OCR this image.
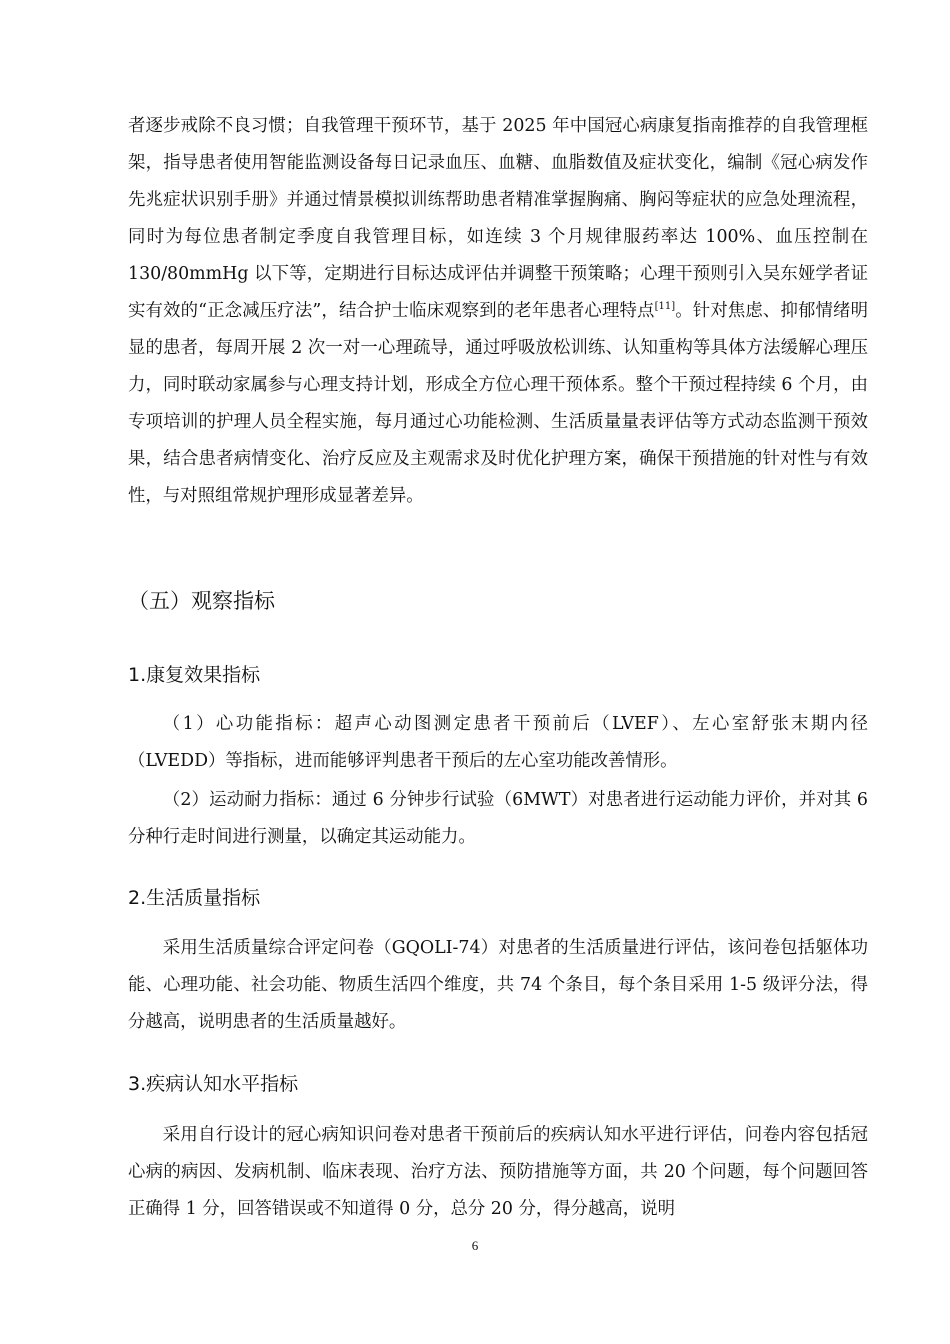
者逐步戒除不良习惯；自我管理干预环节，基于 2025 年中国冠心病康复指南推荐的自我管理框架，指导患者使用智能监测设备每日记录血压、血糖、血脂数值及症状变化，编制《冠心病发作先兆症状识别手册》并通过情景模拟训练帮助患者精准掌握胸痛、胸闷等症状的应急处理流程，同时为每位患者制定季度自我管理目标，如连续 3 个月规律服药率达 100%、血压控制在 130/80mmHg 以下等，定期进行目标达成评估并调整干预策略；心理干预则引入吴东娅学者证实有效的“正念减压疗法”，结合护士临床观察到的老年患者心理特点[11]。针对焦虑、抑郁情绪明显的患者，每周开展 2 次一对一心理疏导，通过呼吸放松训练、认知重构等具体方法缓解心理压力，同时联动家属参与心理支持计划，形成全方位心理干预体系。整个干预过程持续 6 个月，由专项培训的护理人员全程实施，每月通过心功能检测、生活质量量表评估等方式动态监测干预效果，结合患者病情变化、治疗反应及主观需求及时优化护理方案，确保干预措施的针对性与有效性，与对照组常规护理形成显著差异。

（五）观察指标
1.康复效果指标

（1）心功能指标：超声心动图测定患者干预前后（LVEF）、左心室舒张末期内径（LVEDD）等指标，进而能够评判患者干预后的左心室功能改善情形。

（2）运动耐力指标：通过 6 分钟步行试验（6MWT）对患者进行运动能力评价，并对其 6 分种行走时间进行测量，以确定其运动能力。

2.生活质量指标

采用生活质量综合评定问卷（GQOLI-74）对患者的生活质量进行评估，该问卷包括躯体功能、心理功能、社会功能、物质生活四个维度，共 74 个条目，每个条目采用 1-5 级评分法，得分越高，说明患者的生活质量越好。

3.疾病认知水平指标

采用自行设计的冠心病知识问卷对患者干预前后的疾病认知水平进行评估，问卷内容包括冠心病的病因、发病机制、临床表现、治疗方法、预防措施等方面，共 20 个问题，每个问题回答正确得 1 分，回答错误或不知道得 0 分，总分 20 分，得分越高，说明

6
